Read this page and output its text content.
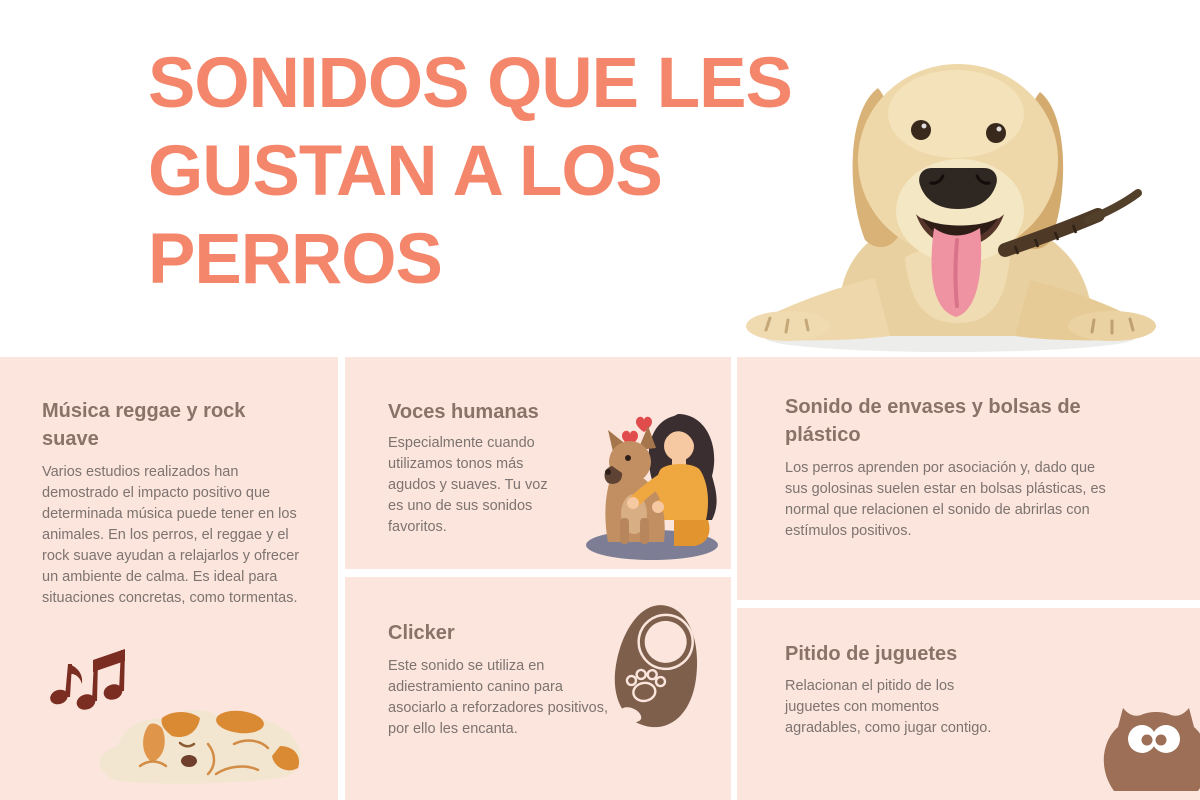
SONIDOS QUE LES
GUSTAN A LOS
PERROS
Música reggae y rock suave
Varios estudios realizados han demostrado el impacto positivo que determinada música puede tener en los animales. En los perros, el reggae y el rock suave ayudan a relajarlos y ofrecer un ambiente de calma. Es ideal para situaciones concretas, como tormentas.
Voces humanas
Especialmente cuando utilizamos tonos más agudos y suaves. Tu voz es uno de sus sonidos favoritos.
Clicker
Este sonido se utiliza en adiestramiento canino para asociarlo a reforzadores positivos, por ello les encanta.
Sonido de envases y bolsas de plástico
Los perros aprenden por asociación y, dado que sus golosinas suelen estar en bolsas plásticas, es normal que relacionen el sonido de abrirlas con estímulos positivos.
Pitido de juguetes
Relacionan el pitido de los juguetes con momentos agradables, como jugar contigo.
